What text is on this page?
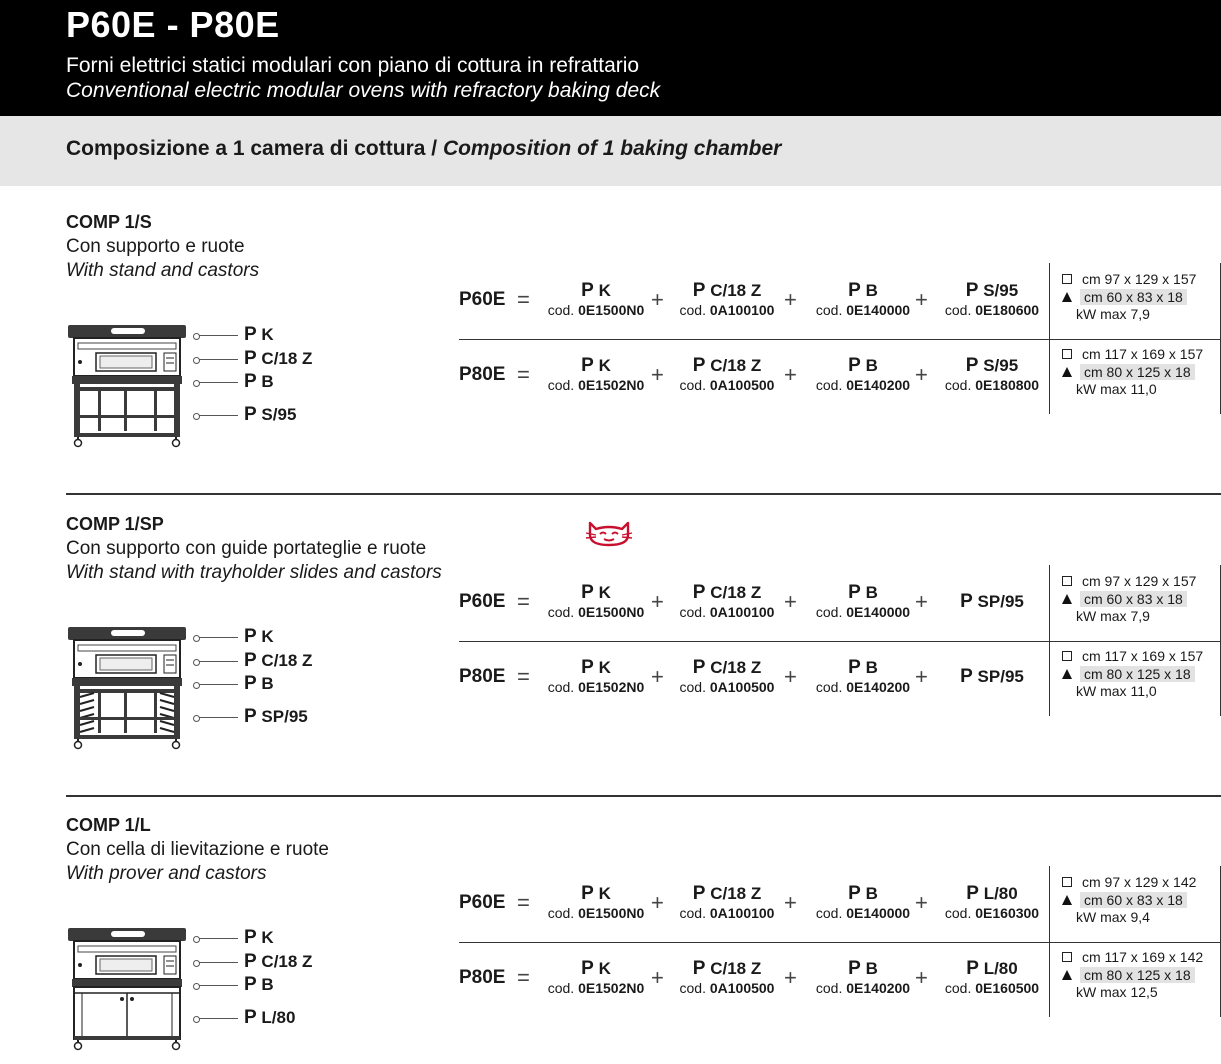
P60E - P80E
Forni elettrici statici modulari con piano di cottura in refrattario
Conventional electric modular ovens with refractory baking deck
Composizione a 1 camera di cottura / Composition of 1 baking chamber
COMP 1/S
Con supporto e ruote
With stand and castors
P K
P C/18 Z
P B
P S/95
P60E =	P K
cod. 0E1500N0 +	P C/18 Z
cod. 0A100100 +	P B
cod. 0E140000 +	P S/95
cod. 0E180600
cm 97 x 129 x 157
cm 60 x 83 x 18
kW max 7,9
P80E =	P K
cod. 0E1502N0 +	P C/18 Z
cod. 0A100500 +	P B
cod. 0E140200 +	P S/95
cod. 0E180800
cm 117 x 169 x 157
cm 80 x 125 x 18
kW max 11,0
COMP 1/SP
Con supporto con guide portateglie e ruote
With stand with trayholder slides and castors
P K
P C/18 Z
P B
P SP/95
P60E =	P K
cod. 0E1500N0 +	P C/18 Z
cod. 0A100100 +	P B
cod. 0E140000 +	P SP/95
cm 97 x 129 x 157
cm 60 x 83 x 18
kW max 7,9
P80E =	P K
cod. 0E1502N0 +	P C/18 Z
cod. 0A100500 +	P B
cod. 0E140200 +	P SP/95
cm 117 x 169 x 157
cm 80 x 125 x 18
kW max 11,0
COMP 1/L
Con cella di lievitazione e ruote
With prover and castors
P K
P C/18 Z
P B
P L/80
P60E =	P K
cod. 0E1500N0 +	P C/18 Z
cod. 0A100100 +	P B
cod. 0E140000 +	P L/80
cod. 0E160300
cm 97 x 129 x 142
cm 60 x 83 x 18
kW max 9,4
P80E =	P K
cod. 0E1502N0 +	P C/18 Z
cod. 0A100500 +	P B
cod. 0E140200 +	P L/80
cod. 0E160500
cm 117 x 169 x 142
cm 80 x 125 x 18
kW max 12,5
